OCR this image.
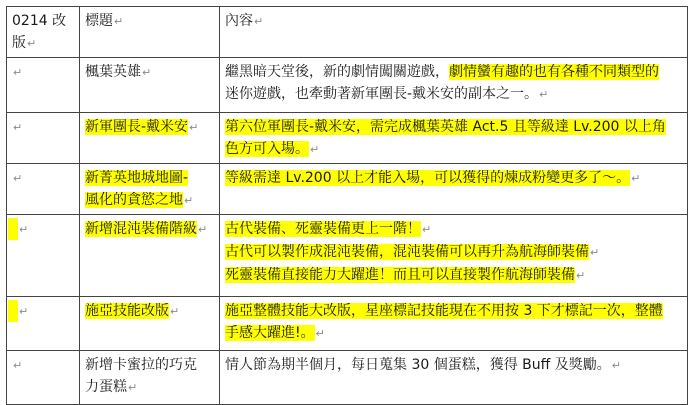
0214 改版↵	標題↵	內容↵
↵	楓葉英雄↵	繼黑暗天堂後，新的劇情闖關遊戲，劇情蠻有趣的也有各種不同類型的
迷你遊戲，也牽動著新軍團長-戴米安的副本之一。↵
↵	新軍團長-戴米安↵	第六位軍團長-戴米安，需完成楓葉英雄 Act.5 且等級達 Lv.200 以上角
色方可入場。↵
↵	新菁英地城地圖-
風化的貪慾之地↵	等級需達 Lv.200 以上才能入場，可以獲得的煉成粉變更多了～。↵
↵	新增混沌裝備階級↵	古代裝備、死靈裝備更上一階！↵
古代可以製作成混沌裝備，混沌裝備可以再升為航海師裝備↵
死靈裝備直接能力大躍進！而且可以直接製作航海師裝備↵
↵	施亞技能改版↵	施亞整體技能大改版，星座標記技能現在不用按 3 下才標記一次，整體
手感大躍進!。↵
↵	新增卡蜜拉的巧克
力蛋糕↵	情人節為期半個月，每日蒐集 30 個蛋糕，獲得 Buff 及獎勵。↵
